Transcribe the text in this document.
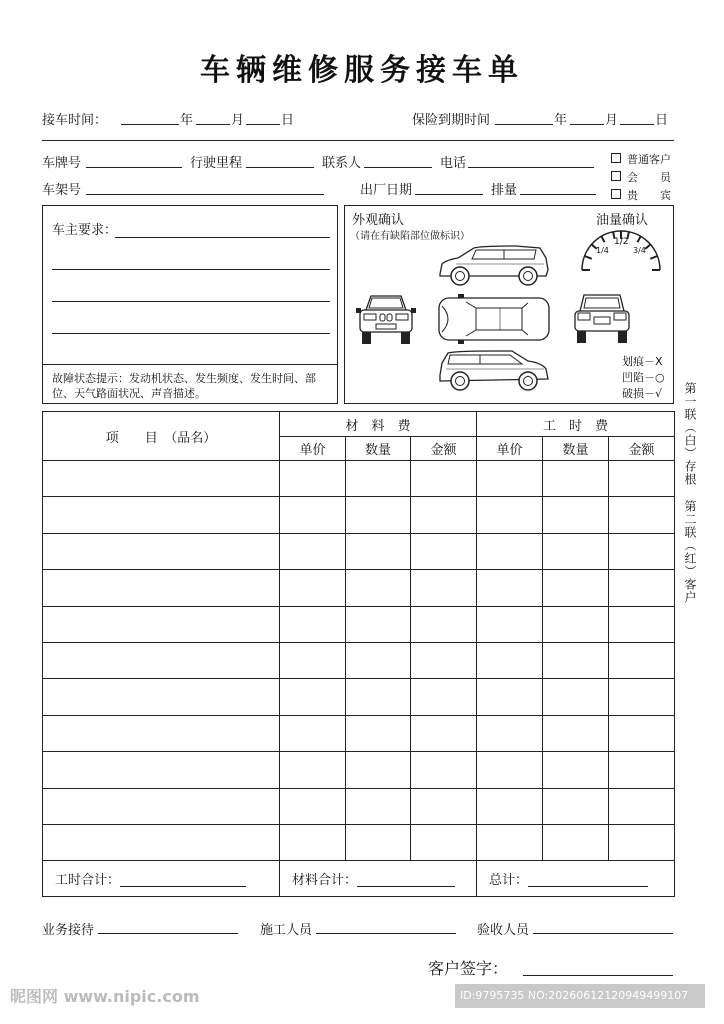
车辆维修服务接车单
接车时间：	年	月	日	保险到期时间	年	月	日
车牌号	行驶里程	联系人	电话
车架号	出厂日期	排量
普通客户
会　　员
贵　　宾
车主要求：
故障状态提示：发动机状态、发生频度、发生时间、部位、天气路面状况、声音描述。
外观确认
（请在有缺陷部位做标识）
油量确认
1/4
1/2
3/4
划痕－X
凹陷－○
破损－√
项　　目　（品名）	材　料　费			工　时　费		
	单价	数量	金额	单价	数量	金额

工时合计：	材料合计：			总计：		
业务接待	施工人员	验收人员
客户签字：
第一联（白）存根
第二联（红）客户
昵图网 www.nipic.com	ID:9795735 NO:20260612120949499107
